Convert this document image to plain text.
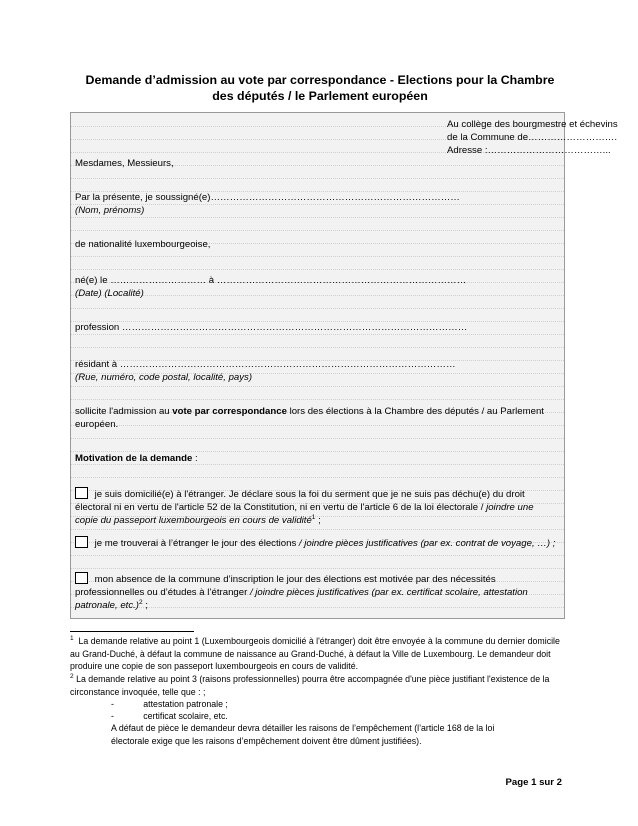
Demande d’admission au vote par correspondance - Elections pour la Chambre
des députés / le Parlement européen
Au collège des bourgmestre et échevins
de la Commune de……………………….
Adresse :………………………………...
Mesdames, Messieurs,
Par la présente, je soussigné(e)……………………………………………………………………
(Nom, prénoms)
de nationalité luxembourgeoise,
né(e) le ………………………… à ……………………………………………………………………
(Date) (Localité)
profession ………………………………………………………………………………………………
résidant à ……………………………………………………………………………………………
(Rue, numéro, code postal, localité, pays)
sollicite l'admission au vote par correspondance lors des élections à la Chambre des députés / au Parlement européen.
Motivation de la demande :
je suis domicilié(e) à l'étranger. Je déclare sous la foi du serment que je ne suis pas déchu(e) du droit électoral ni en vertu de l'article 52 de la Constitution, ni en vertu de l'article 6 de la loi électorale / joindre une copie du passeport luxembourgeois en cours de validité$^1$ ;
je me trouverai à l’étranger le jour des élections / joindre pièces justificatives (par ex. contrat de voyage, …) ;
mon absence de la commune d’inscription le jour des élections est motivée par des nécessités professionnelles ou d’études à l’étranger / joindre pièces justificatives (par ex. certificat scolaire, attestation patronale, etc.)$^2$ ;
$^1$ La demande relative au point 1 (Luxembourgeois domicilié à l'étranger) doit être envoyée à la commune du dernier domicile au Grand-Duché, à défaut la commune de naissance au Grand-Duché, à défaut la Ville de Luxembourg. Le demandeur doit produire une copie de son passeport luxembourgeois en cours de validité.
$^2$ La demande relative au point 3 (raisons professionnelles) pourra être accompagnée d'une pièce justifiant l'existence de la circonstance invoquée, telle que : ;
-            attestation patronale ;
-            certificat scolaire, etc.
A défaut de pièce le demandeur devra détailler les raisons de l’empêchement (l’article 168 de la loi électorale exige que les raisons d’empêchement doivent être dûment justifiées).
Page 1 sur 2
